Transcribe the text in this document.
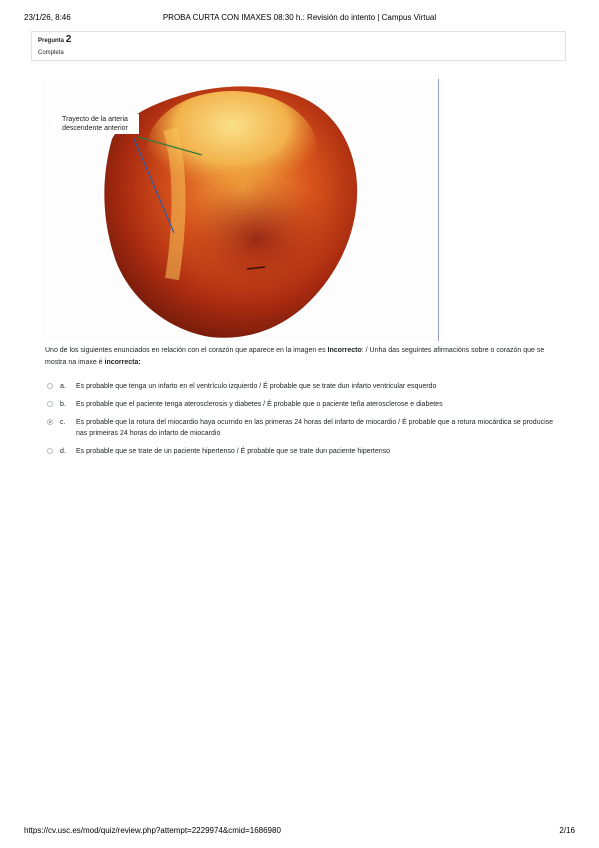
23/1/26, 8:46	PROBA CURTA CON IMAXES 08:30 h.: Revisión do intento | Campus Virtual
Pregunta 2
Completa
Trayecto de la arteria descendente anterior
Uno de los siguientes enunciados en relación con el corazón que aparece en la imagen es Incorrecto: / Unha das seguintes afirmacións sobre o corazón que se mostra na imaxe é incorrecta:
a. Es probable que tenga un infarto en el ventrículo izquierdo / É probable que se trate dun infarto ventricular esquerdo
b. Es probable que el paciente tenga aterosclerosis y diabetes / É probable que o paciente teña aterosclerose e diabetes
c. Es probable que la rotura del miocardio haya ocurrido en las primeras 24 horas del infarto de miocardio / É probable que a rotura miocárdica se producise nas primeiras 24 horas do infarto de miocardio
d. Es probable que se trate de un paciente hipertenso / É probable que se trate dun paciente hipertenso
https://cv.usc.es/mod/quiz/review.php?attempt=2229974&cmid=1686980	2/16
